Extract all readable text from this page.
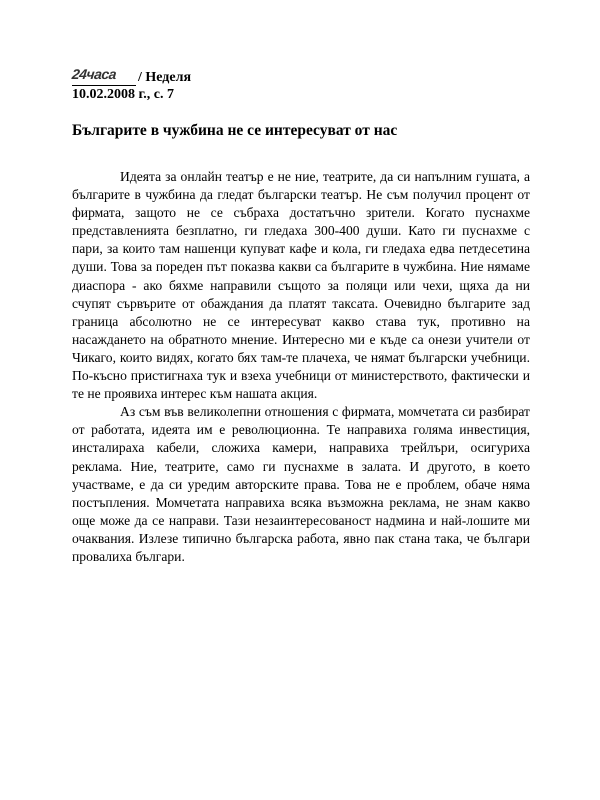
24часа / Неделя
10.02.2008 г., с. 7
Българите в чужбина не се интересуват от нас

Идеята за онлайн театър е не ние, театрите, да си напълним гушата, а българите в чужбина да гледат български театър. Не съм получил процент от фирмата, защото не се събраха достатъчно зрители. Когато пуснахме представленията безплатно, ги гледаха 300-400 души. Като ги пуснахме с пари, за които там нашенци купуват кафе и кола, ги гледаха едва петдесетина души. Това за пореден път показва какви са българите в чужбина. Ние нямаме диаспора - ако бяхме направили същото за поляци или чехи, щяха да ни счупят сървърите от обаждания да платят таксата. Очевидно българите зад граница абсолютно не се интересуват какво става тук, противно на насажданeто на обратното мнение. Интересно ми е къде са онези учители от Чикаго, които видях, когато бях там-те плачеха, че нямат български учебници. По-късно пристигнаха тук и взеха учебници от министерството, фактически и те не проявиха интерес към нашата акция.

Аз съм във великолепни отношения с фирмата, момчетата си разбират от работата, идеята им е революционна. Те направиха голяма инвестиция, инсталираха кабели, сложиха камери, направиха трейлъри, осигуриха реклама. Ние, театрите, само ги пуснахме в залата. И другото, в което участваме, е да си уредим авторските права. Това не е проблем, обаче няма постъпления. Момчетата направиха всяка възможна реклама, не знам какво още може да се направи. Тази незаинтересованост надмина и най-лошите ми очаквания. Излезе типично българска работа, явно пак стана така, че българи провалиха българи.
